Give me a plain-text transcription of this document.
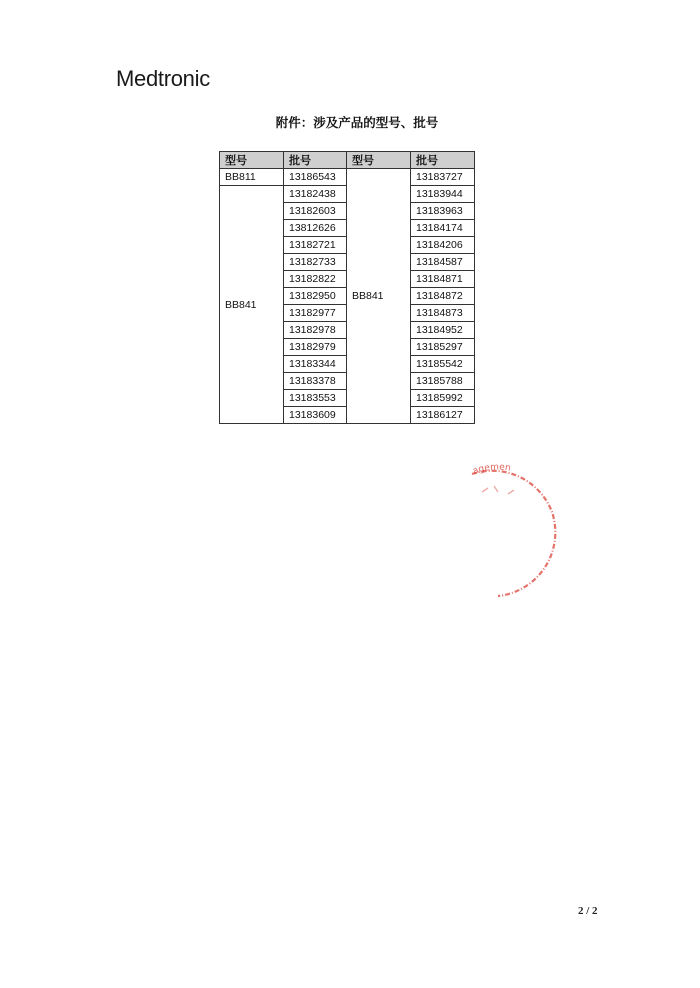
Medtronic
附件：涉及产品的型号、批号
型号	批号	型号	批号
BB811	13186543	BB841	13183727
BB841	13182438		13183944
	13182603		13183963
	13812626		13184174
	13182721		13184206
	13182733		13184587
	13182822		13184871
	13182950		13184872
	13182977		13184873
	13182978		13184952
	13182979		13185297
	13183344		13185542
	13183378		13185788
	13183553		13185992
	13183609		13186127
agemen
2 / 2
